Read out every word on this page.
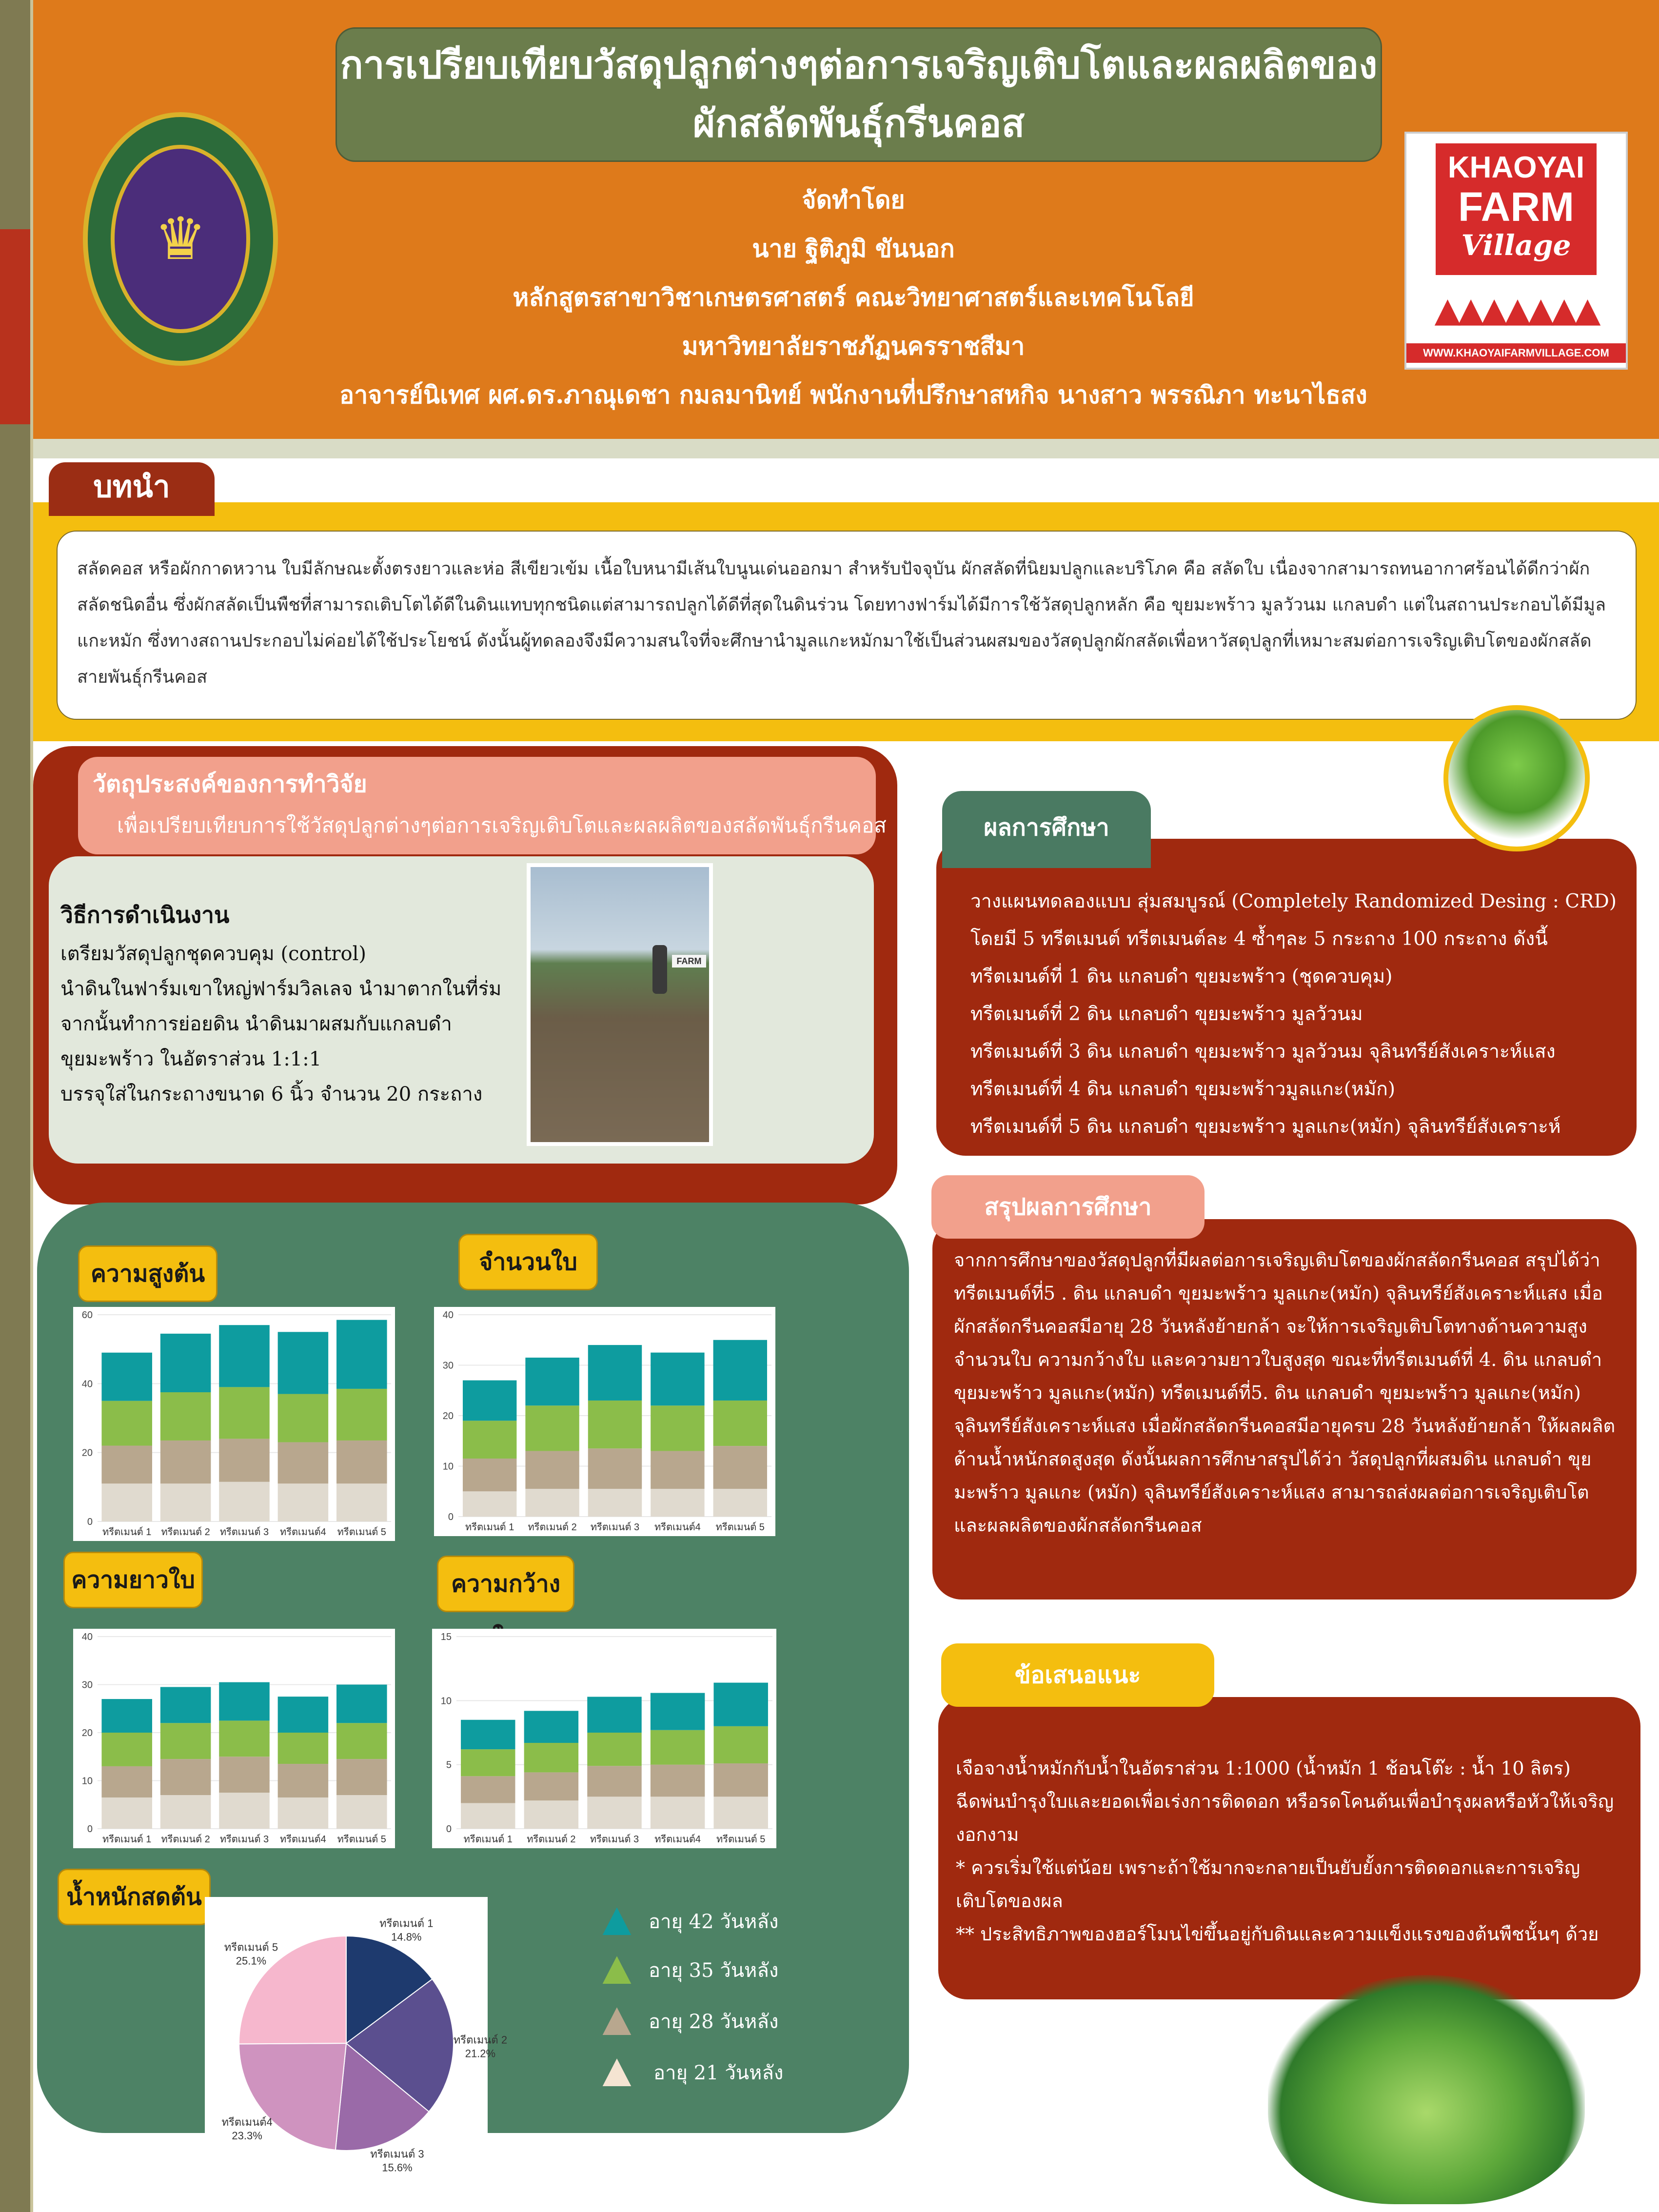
การเปรียบเทียบวัสดุปลูกต่างๆต่อการเจริญเติบโตและผลผลิตของ
ผักสลัดพันธุ์กรีนคอส
จัดทำโดย
นาย ฐิติภูมิ ขันนอก
หลักสูตรสาขาวิชาเกษตรศาสตร์ คณะวิทยาศาสตร์และเทคโนโลยี
มหาวิทยาลัยราชภัฏนครราชสีมา
อาจารย์นิเทศ ผศ.ดร.ภาณุเดชา กมลมานิทย์ พนักงานที่ปรึกษาสหกิจ นางสาว พรรณิภา ทะนาไธสง
♛
KHAOYAI
FARM
Village
▲▲▲▲▲▲▲
WWW.KHAOYAIFARMVILLAGE.COM
บทนำ
สลัดคอส หรือผักกาดหวาน ใบมีลักษณะตั้งตรงยาวและห่อ สีเขียวเข้ม เนื้อใบหนามีเส้นใบนูนเด่นออกมา สำหรับปัจจุบัน ผักสลัดที่นิยมปลูกและบริโภค คือ สลัดใบ เนื่องจากสามารถทนอากาศร้อนได้ดีกว่าผักสลัดชนิดอื่น ซึ่งผักสลัดเป็นพืชที่สามารถเติบโตได้ดีในดินแทบทุกชนิดแต่สามารถปลูกได้ดีที่สุดในดินร่วน โดยทางฟาร์มได้มีการใช้วัสดุปลูกหลัก คือ ขุยมะพร้าว มูลวัวนม แกลบดำ แต่ในสถานประกอบได้มีมูลแกะหมัก ซึ่งทางสถานประกอบไม่ค่อยได้ใช้ประโยชน์ ดังนั้นผู้ทดลองจึงมีความสนใจที่จะศึกษานำมูลแกะหมักมาใช้เป็นส่วนผสมของวัสดุปลูกผักสลัดเพื่อหาวัสดุปลูกที่เหมาะสมต่อการเจริญเติบโตของผักสลัดสายพันธุ์กรีนคอส
วัตถุประสงค์ของการทำวิจัย
เพื่อเปรียบเทียบการใช้วัสดุปลูกต่างๆต่อการเจริญเติบโตและผลผลิตของสลัดพันธุ์กรีนคอส
วิธีการดำเนินงาน
เตรียมวัสดุปลูกชุดควบคุม (control)
นำดินในฟาร์มเขาใหญ่ฟาร์มวิลเลจ นำมาตากในที่ร่ม
จากนั้นทำการย่อยดิน นำดินมาผสมกับแกลบดำ
ขุยมะพร้าว ในอัตราส่วน 1:1:1
บรรจุใส่ในกระถางขนาด 6 นิ้ว จำนวน 20 กระถาง
FARM
ผลการศึกษา
วางแผนทดลองแบบ สุ่มสมบูรณ์ (Completely Randomized Desing : CRD)
โดยมี 5 ทรีตเมนต์ ทรีตเมนต์ละ 4 ซ้ำๆละ 5 กระถาง 100 กระถาง ดังนี้
ทรีตเมนต์ที่ 1 ดิน แกลบดำ ขุยมะพร้าว (ชุดควบคุม)
ทรีตเมนต์ที่ 2 ดิน แกลบดำ ขุยมะพร้าว มูลวัวนม
ทรีตเมนต์ที่ 3 ดิน แกลบดำ ขุยมะพร้าว มูลวัวนม จุลินทรีย์สังเคราะห์แสง
ทรีตเมนต์ที่ 4 ดิน แกลบดำ ขุยมะพร้าวมูลแกะ(หมัก)
ทรีตเมนต์ที่ 5 ดิน แกลบดำ ขุยมะพร้าว มูลแกะ(หมัก) จุลินทรีย์สังเคราะห์
สรุปผลการศึกษา
จากการศึกษาของวัสดุปลูกที่มีผลต่อการเจริญเติบโตของผักสลัดกรีนคอส สรุปได้ว่าทรีตเมนต์ที่5 . ดิน แกลบดำ ขุยมะพร้าว มูลแกะ(หมัก) จุลินทรีย์สังเคราะห์แสง เมื่อผักสลัดกรีนคอสมีอายุ 28 วันหลังย้ายกล้า จะให้การเจริญเติบโตทางด้านความสูง จำนวนใบ ความกว้างใบ และความยาวใบสูงสุด ขณะที่ทรีตเมนต์ที่ 4. ดิน แกลบดำ ขุยมะพร้าว มูลแกะ(หมัก) ทรีตเมนต์ที่5. ดิน แกลบดำ ขุยมะพร้าว มูลแกะ(หมัก) จุลินทรีย์สังเคราะห์แสง เมื่อผักสลัดกรีนคอสมีอายุครบ 28 วันหลังย้ายกล้า ให้ผลผลิตด้านน้ำหนักสดสูงสุด ดังนั้นผลการศึกษาสรุปได้ว่า วัสดุปลูกที่ผสมดิน แกลบดำ ขุยมะพร้าว มูลแกะ (หมัก) จุลินทรีย์สังเคราะห์แสง สามารถส่งผลต่อการเจริญเติบโตและผลผลิตของผักสลัดกรีนคอส
ข้อเสนอแนะ
เจือจางน้ำหมักกับน้ำในอัตราส่วน 1:1000 (น้ำหมัก 1 ช้อนโต๊ะ : น้ำ 10 ลิตร)
ฉีดพ่นบำรุงใบและยอดเพื่อเร่งการติดดอก หรือรดโคนต้นเพื่อบำรุงผลหรือหัวให้เจริญงอกงาม
* ควรเริ่มใช้แต่น้อย เพราะถ้าใช้มากจะกลายเป็นยับยั้งการติดดอกและการเจริญเติบโตของผล
** ประสิทธิภาพของฮอร์โมนไข่ขึ้นอยู่กับดินและความแข็งแรงของต้นพืชนั้นๆ ด้วย
ความสูงต้น
0
20
40
60
ทรีตเมนต์ 1 ทรีตเมนต์ 2 ทรีตเมนต์ 3 ทรีตเมนต์4 ทรีตเมนต์ 5
จำนวนใบ
0
10
20
30
40
ทรีตเมนต์ 1 ทรีตเมนต์ 2 ทรีตเมนต์ 3 ทรีตเมนต์4 ทรีตเมนต์ 5
ความยาวใบ
0
10
20
30
40
ทรีตเมนต์ 1 ทรีตเมนต์ 2 ทรีตเมนต์ 3 ทรีตเมนต์4 ทรีตเมนต์ 5
ความกว้าง
0
5
10
15
ทรีตเมนต์ 1 ทรีตเมนต์ 2 ทรีตเมนต์ 3 ทรีตเมนต์4 ทรีตเมนต์ 5
น้ำหนักสดต้น
ทรีตเมนต์ 1
14.8%
ทรีตเมนต์ 2
21.2%
ทรีตเมนต์ 3
15.6%
ทรีตเมนต์4
23.3%
ทรีตเมนต์ 5
25.1%
อายุ 42 วันหลัง
อายุ 35 วันหลัง
อายุ 28 วันหลัง
อายุ 21 วันหลัง
